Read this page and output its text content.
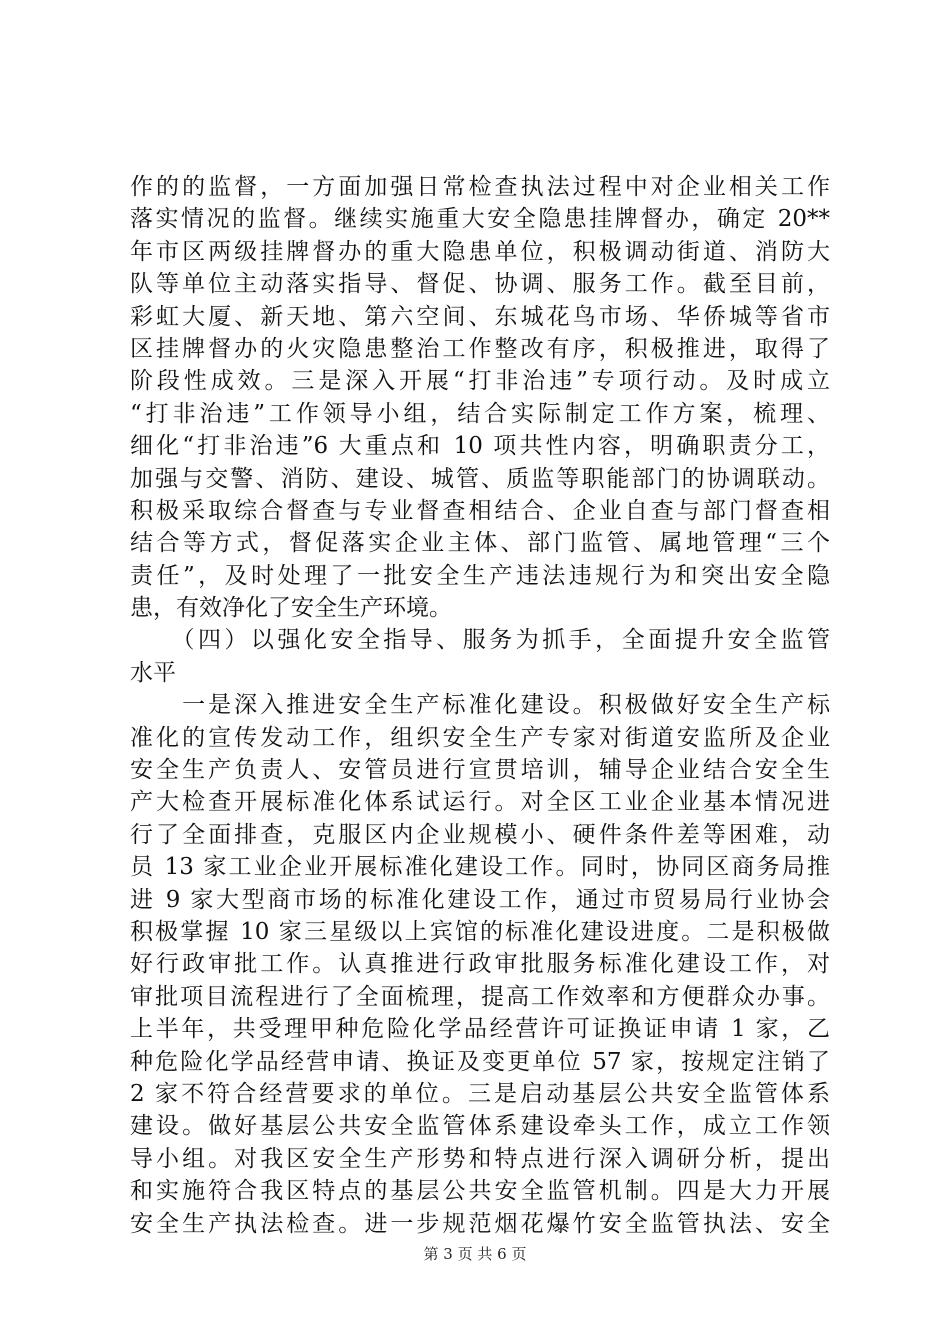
作的的监督，一方面加强日常检查执法过程中对企业相关工作
落实情况的监督。继续实施重大安全隐患挂牌督办，确定 20**
年市区两级挂牌督办的重大隐患单位，积极调动街道、消防大
队等单位主动落实指导、督促、协调、服务工作。截至目前，
彩虹大厦、新天地、第六空间、东城花鸟市场、华侨城等省市
区挂牌督办的火灾隐患整治工作整改有序，积极推进，取得了
阶段性成效。三是深入开展“打非治违”专项行动。及时成立
“打非治违”工作领导小组，结合实际制定工作方案，梳理、
细化“打非治违”6 大重点和 10 项共性内容，明确职责分工，
加强与交警、消防、建设、城管、质监等职能部门的协调联动。
积极采取综合督查与专业督查相结合、企业自查与部门督查相
结合等方式，督促落实企业主体、部门监管、属地管理“三个
责任”，及时处理了一批安全生产违法违规行为和突出安全隐
患，有效净化了安全生产环境。
　　（四）以强化安全指导、服务为抓手，全面提升安全监管
水平
　　一是深入推进安全生产标准化建设。积极做好安全生产标
准化的宣传发动工作，组织安全生产专家对街道安监所及企业
安全生产负责人、安管员进行宣贯培训，辅导企业结合安全生
产大检查开展标准化体系试运行。对全区工业企业基本情况进
行了全面排查，克服区内企业规模小、硬件条件差等困难，动
员 13 家工业企业开展标准化建设工作。同时，协同区商务局推
进 9 家大型商市场的标准化建设工作，通过市贸易局行业协会
积极掌握 10 家三星级以上宾馆的标准化建设进度。二是积极做
好行政审批工作。认真推进行政审批服务标准化建设工作，对
审批项目流程进行了全面梳理，提高工作效率和方便群众办事。
上半年，共受理甲种危险化学品经营许可证换证申请 1 家，乙
种危险化学品经营申请、换证及变更单位 57 家，按规定注销了
2 家不符合经营要求的单位。三是启动基层公共安全监管体系
建设。做好基层公共安全监管体系建设牵头工作，成立工作领
导小组。对我区安全生产形势和特点进行深入调研分析，提出
和实施符合我区特点的基层公共安全监管机制。四是大力开展
安全生产执法检查。进一步规范烟花爆竹安全监管执法、安全
第 3 页 共 6 页
